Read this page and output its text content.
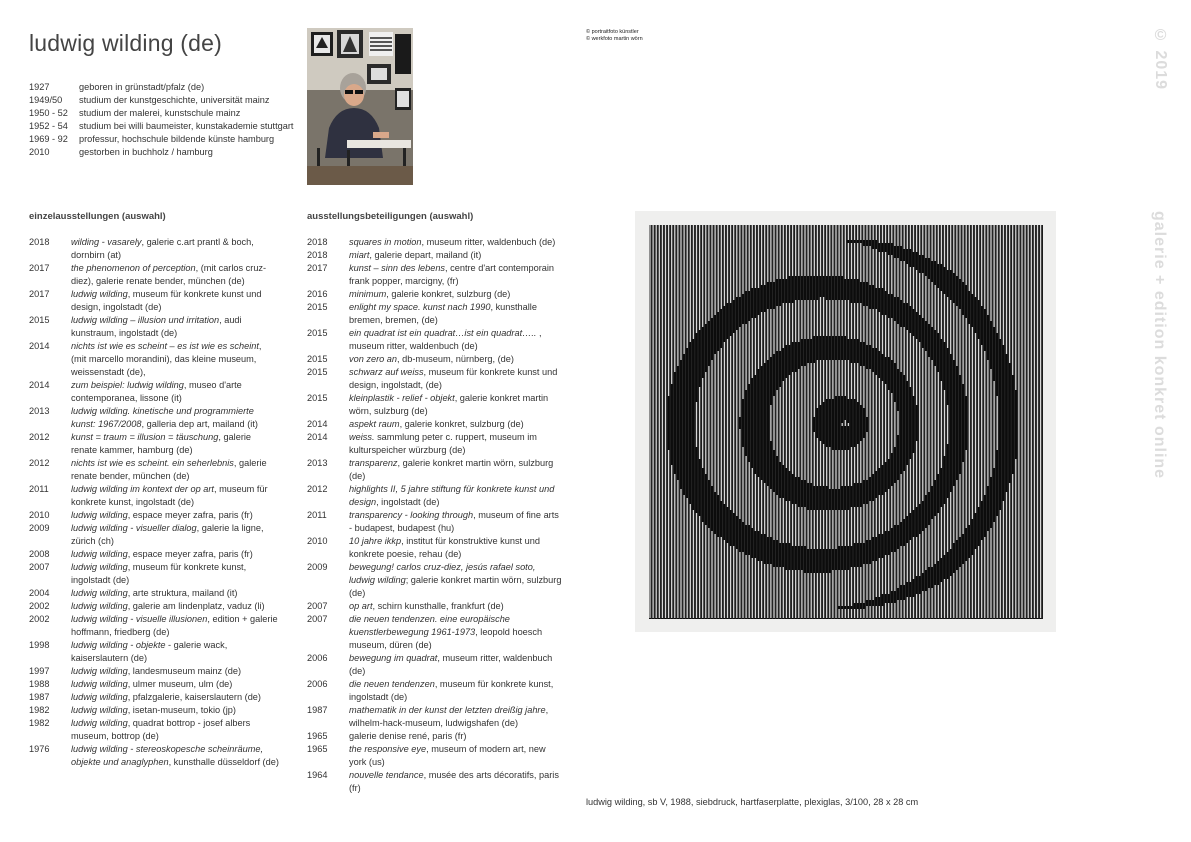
ludwig wilding (de)
1927	geboren in grünstadt/pfalz (de)
1949/50	studium der kunstgeschichte, universität mainz
1950 - 52	studium der malerei, kunstschule mainz
1952 - 54	studium bei willi baumeister, kunstakademie stuttgart
1969 - 92	professur, hochschule bildende künste hamburg
2010	gestorben in buchholz / hamburg
© portraitfoto künstler
© werkfoto martin wörn	© 2019
galerie + edition konkret online
einzelausstellungen (auswahl)	ausstellungsbeteiligungen (auswahl)
2018	wilding - vasarely, galerie c.art prantl & boch, dornbirn (at)
2017	the phenomenon of perception, (mit carlos cruz-diez), galerie renate bender, münchen (de)
2017	ludwig wilding, museum für konkrete kunst und design, ingolstadt (de)
2015	ludwig wilding – illusion und irritation, audi kunstraum, ingolstadt (de)
2014	nichts ist wie es scheint – es ist wie es scheint, (mit marcello morandini), das kleine museum, weissenstadt (de),
2014	zum beispiel: ludwig wilding, museo d'arte contemporanea, lissone (it)
2013	ludwig wilding. kinetische und programmierte kunst: 1967/2008, galleria dep art, mailand (it)
2012	kunst = traum = illusion = täuschung, galerie renate kammer, hamburg (de)
2012	nichts ist wie es scheint. ein seherlebnis, galerie renate bender, münchen (de)
2011	ludwig wilding im kontext der op art, museum für konkrete kunst, ingolstadt (de)
2010	ludwig wilding, espace meyer zafra, paris (fr)
2009	ludwig wilding - visueller dialog, galerie la ligne, zürich (ch)
2008	ludwig wilding, espace meyer zafra, paris (fr)
2007	ludwig wilding, museum für konkrete kunst, ingolstadt (de)
2004	ludwig wilding, arte struktura, mailand (it)
2002	ludwig wilding, galerie am lindenplatz, vaduz (li)
2002	ludwig wilding - visuelle illusionen, edition + galerie hoffmann, friedberg (de)
1998	ludwig wilding - objekte - galerie wack, kaiserslautern (de)
1997	ludwig wilding, landesmuseum mainz (de)
1988	ludwig wilding, ulmer museum, ulm (de)
1987	ludwig wilding, pfalzgalerie, kaiserslautern (de)
1982	ludwig wilding, isetan-museum, tokio (jp)
1982	ludwig wilding, quadrat bottrop - josef albers museum, bottrop (de)
1976	ludwig wilding - stereoskopesche scheinräume, objekte und anaglyphen, kunsthalle düsseldorf (de)
2018	squares in motion, museum ritter, waldenbuch (de)
2018	miart, galerie depart, mailand (it)
2017	kunst – sinn des lebens, centre d'art contemporain frank popper, marcigny, (fr)
2016	minimum, galerie konkret, sulzburg (de)
2015	enlight my space. kunst nach 1990, kunsthalle bremen, bremen, (de)
2015	ein quadrat ist ein quadrat…ist ein quadrat….. , museum ritter, waldenbuch (de)
2015	von zero an, db-museum, nürnberg, (de)
2015	schwarz auf weiss, museum für konkrete kunst und design, ingolstadt, (de)
2015	kleinplastik - relief - objekt, galerie konkret martin wörn, sulzburg (de)
2014	aspekt raum, galerie konkret, sulzburg (de)
2014	weiss. sammlung peter c. ruppert, museum im kulturspeicher würzburg (de)
2013	transparenz, galerie konkret martin wörn, sulzburg (de)
2012	highlights II, 5 jahre stiftung für konkrete kunst und design, ingolstadt (de)
2011	transparency - looking through, museum of fine arts - budapest, budapest (hu)
2010	10 jahre ikkp, institut für konstruktive kunst und konkrete poesie, rehau (de)
2009	bewegung! carlos cruz-diez, jesús rafael soto, ludwig wilding; galerie konkret martin wörn, sulzburg (de)
2007	op art, schirn kunsthalle, frankfurt (de)
2007	die neuen tendenzen. eine europäische kuenstlerbewegung 1961-1973, leopold hoesch museum, düren (de)
2006	bewegung im quadrat, museum ritter, waldenbuch (de)
2006	die neuen tendenzen, museum für konkrete kunst, ingolstadt (de)
1987	mathematik in der kunst der letzten dreißig jahre, wilhelm-hack-museum, ludwigshafen (de)
1965	galerie denise rené, paris (fr)
1965	the responsive eye, museum of modern art, new york (us)
1964	nouvelle tendance, musée des arts décoratifs, paris (fr)
ludwig wilding, sb V, 1988, siebdruck, hartfaserplatte, plexiglas, 3/100, 28 x 28 cm
